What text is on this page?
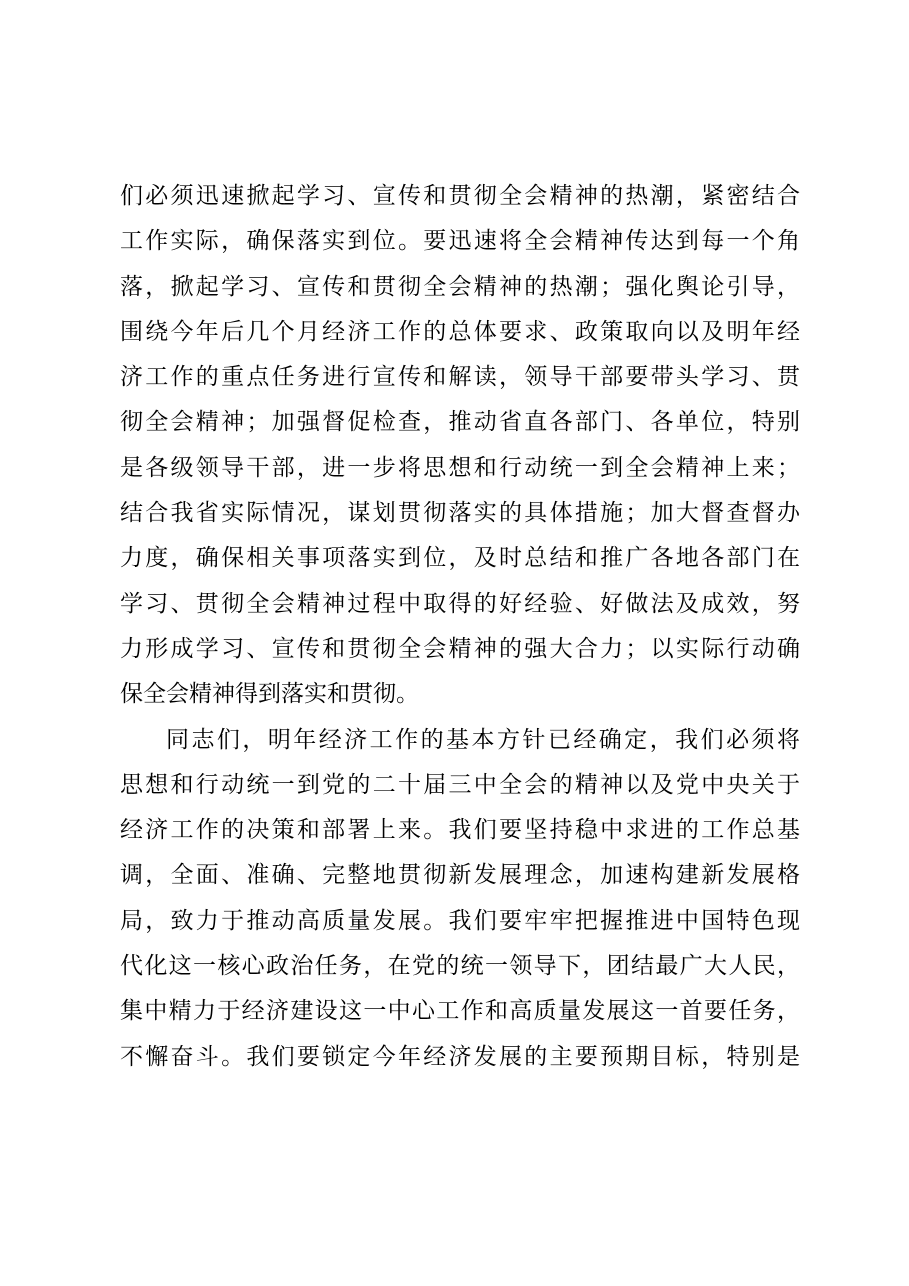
们必须迅速掀起学习、宣传和贯彻全会精神的热潮，紧密结合
工作实际，确保落实到位。要迅速将全会精神传达到每一个角
落，掀起学习、宣传和贯彻全会精神的热潮；强化舆论引导，
围绕今年后几个月经济工作的总体要求、政策取向以及明年经
济工作的重点任务进行宣传和解读，领导干部要带头学习、贯
彻全会精神；加强督促检查，推动省直各部门、各单位，特别
是各级领导干部，进一步将思想和行动统一到全会精神上来；
结合我省实际情况，谋划贯彻落实的具体措施；加大督查督办
力度，确保相关事项落实到位，及时总结和推广各地各部门在
学习、贯彻全会精神过程中取得的好经验、好做法及成效，努
力形成学习、宣传和贯彻全会精神的强大合力；以实际行动确
保全会精神得到落实和贯彻。
同志们，明年经济工作的基本方针已经确定，我们必须将
思想和行动统一到党的二十届三中全会的精神以及党中央关于
经济工作的决策和部署上来。我们要坚持稳中求进的工作总基
调，全面、准确、完整地贯彻新发展理念，加速构建新发展格
局，致力于推动高质量发展。我们要牢牢把握推进中国特色现
代化这一核心政治任务，在党的统一领导下，团结最广大人民，
集中精力于经济建设这一中心工作和高质量发展这一首要任务，
不懈奋斗。我们要锁定今年经济发展的主要预期目标，特别是
